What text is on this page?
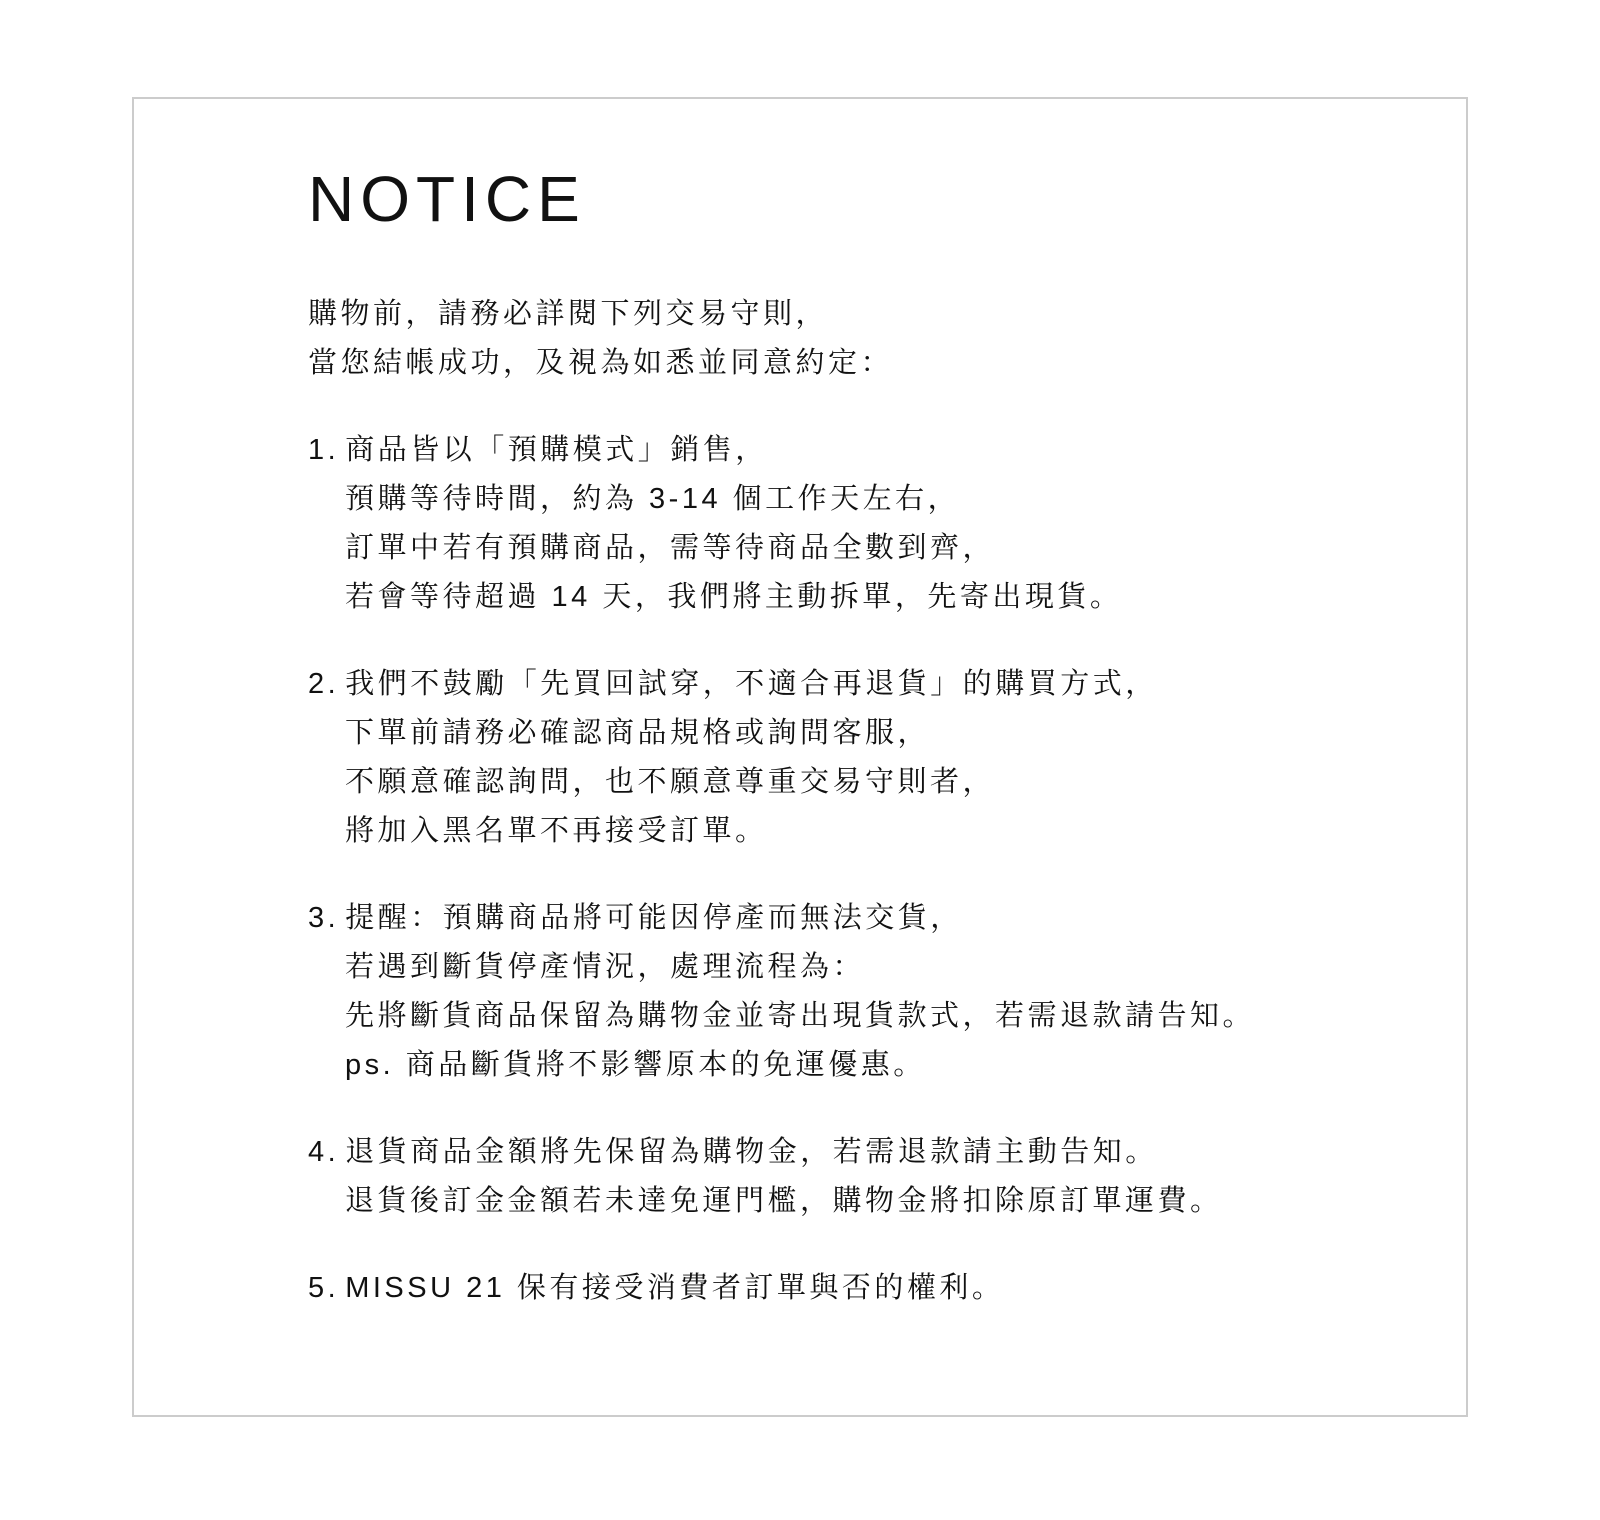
NOTICE
購物前，請務必詳閱下列交易守則，
當您結帳成功，及視為如悉並同意約定：
1. 商品皆以「預購模式」銷售，
預購等待時間，約為 3-14 個工作天左右，
訂單中若有預購商品，需等待商品全數到齊，
若會等待超過 14 天，我們將主動拆單，先寄出現貨。
2. 我們不鼓勵「先買回試穿，不適合再退貨」的購買方式，
下單前請務必確認商品規格或詢問客服，
不願意確認詢問，也不願意尊重交易守則者，
將加入黑名單不再接受訂單。
3. 提醒：預購商品將可能因停產而無法交貨，
若遇到斷貨停產情況，處理流程為：
先將斷貨商品保留為購物金並寄出現貨款式，若需退款請告知。
ps. 商品斷貨將不影響原本的免運優惠。
4. 退貨商品金額將先保留為購物金，若需退款請主動告知。
退貨後訂金金額若未達免運門檻，購物金將扣除原訂單運費。
5. MISSU 21 保有接受消費者訂單與否的權利。
